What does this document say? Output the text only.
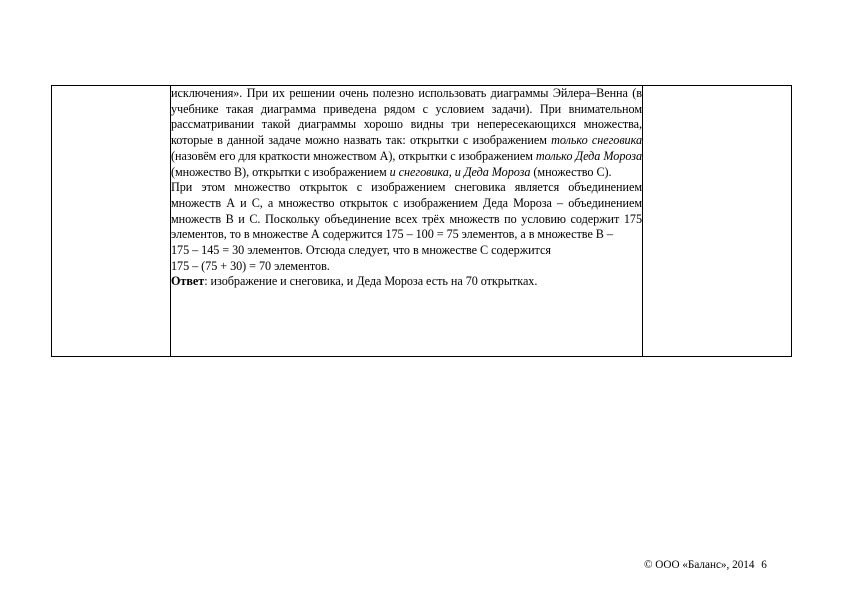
исключения». При их решении очень полезно использовать диаграммы Эйлера–Венна (в учебнике такая диаграмма приведена рядом с условием задачи). При внимательном рассматривании такой диаграммы хорошо видны три непересекающихся множества, которые в данной задаче можно назвать так: открытки с изображением только снеговика (назовём его для краткости множеством А), открытки с изображением только Деда Мороза (множество В), открытки с изображением и снеговика, и Деда Мороза (множество С).

При этом множество открыток с изображением снеговика является объединением множеств А и С, а множество открыток с изображением Деда Мороза – объединением множеств В и С. Поскольку объединение всех трёх множеств по условию содержит 175 элементов, то в множестве А содержится 175 – 100 = 75 элементов, а в множестве В –

175 – 145 = 30 элементов. Отсюда следует, что в множестве С содержится
175 – (75 + 30) = 70 элементов.

Ответ: изображение и снеговика, и Деда Мороза есть на 70 открытках.

© ООО «Баланс», 2014 6
